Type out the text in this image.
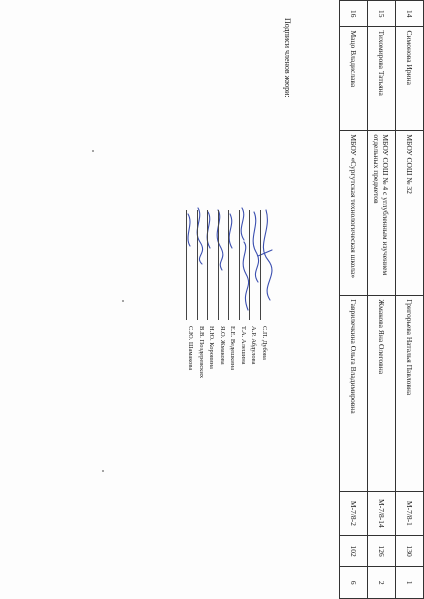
14	Симонова Ирина	МБОУ СОШ № 32	Григорьева Наталья Павловна	М-7/8-1	130	1
15	Тихомирова Татьяна	МБОУ СОШ № 4 с углубленным изучением отдельных предметов	Жмакова Яна Олеговна	М-7/8-14	126	2
16	Мацо Владислава	МБОУ «Сургутская технологическая школа»	Гаврилечкина Ольга Владимировна	М-7/8-2	102	6
Подписи членов жюри:
С.П. Дубова
А.Р. Абдулова
Т.А. Алешина
Е.Е. Ведешкина
Я.О. Жмакова
Н.Ю. Коровина
В.В. Поздеревских
С.Ю. Шамакова
